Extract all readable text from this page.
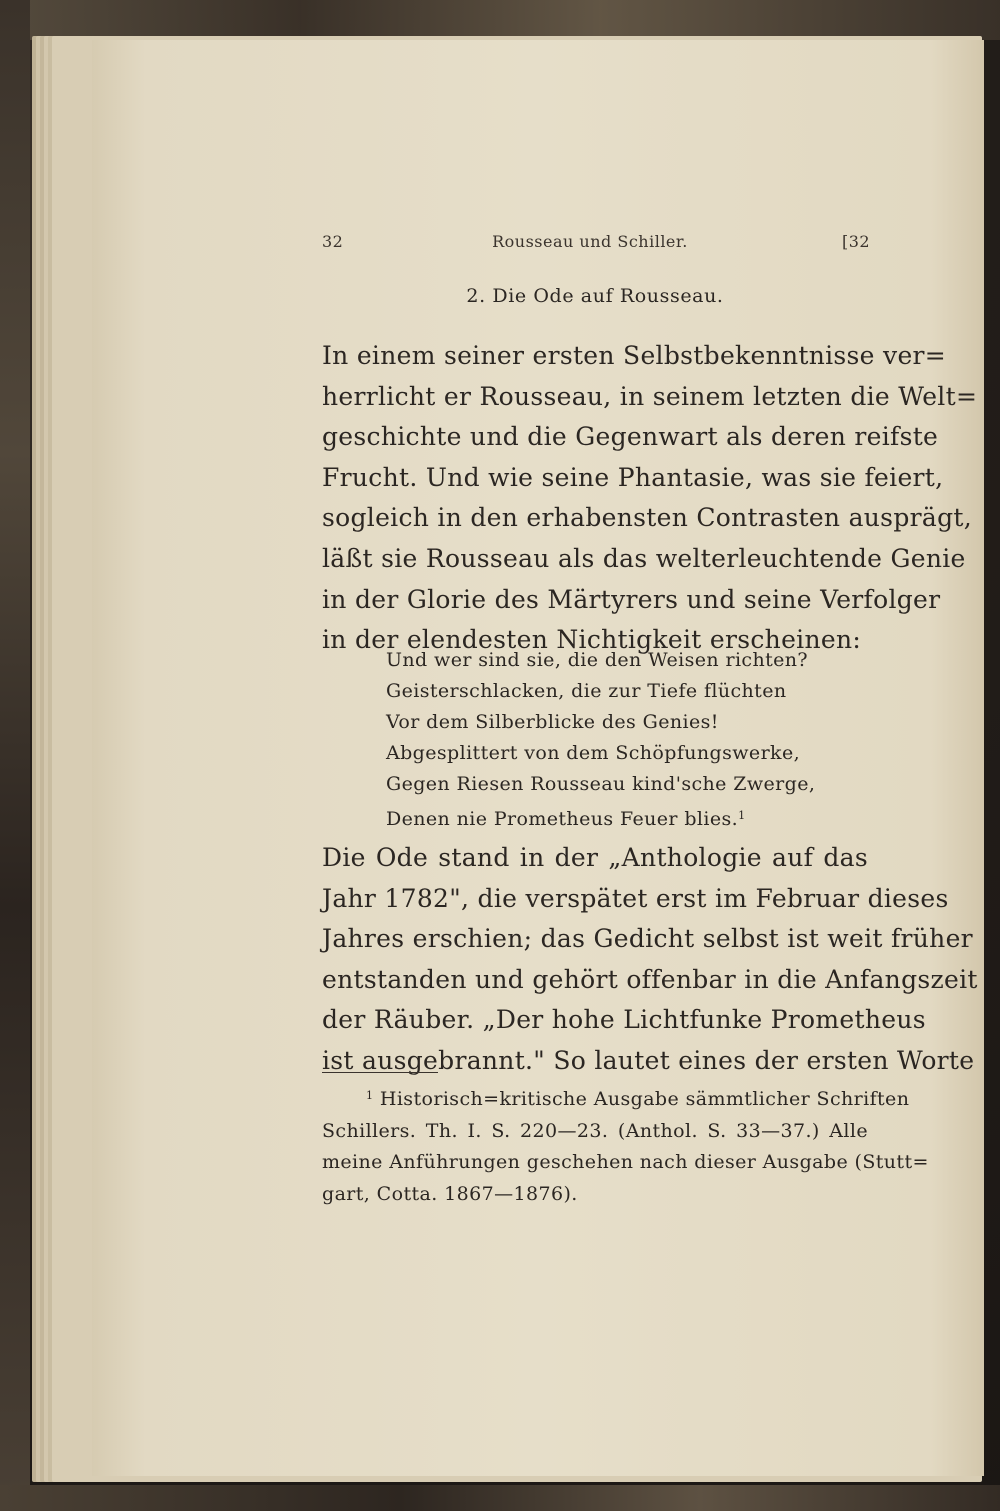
32	Rousseau und Schiller.	[32
2. Die Ode auf Rousseau.

In einem seiner ersten Selbstbekenntnisse ver=
herrlicht er Rousseau, in seinem letzten die Welt=
geschichte und die Gegenwart als deren reifste
Frucht. Und wie seine Phantasie, was sie feiert,
sogleich in den erhabensten Contrasten ausprägt,
läßt sie Rousseau als das welterleuchtende Genie
in der Glorie des Märtyrers und seine Verfolger
in der elendesten Nichtigkeit erscheinen:

Und wer sind sie, die den Weisen richten?
Geisterschlacken, die zur Tiefe flüchten
Vor dem Silberblicke des Genies!
Abgesplittert von dem Schöpfungswerke,
Gegen Riesen Rousseau kind'sche Zwerge,
Denen nie Prometheus Feuer blies.$^1$

Die Ode stand in der „Anthologie auf das
Jahr 1782", die verspätet erst im Februar dieses
Jahres erschien; das Gedicht selbst ist weit früher
entstanden und gehört offenbar in die Anfangszeit
der Räuber. „Der hohe Lichtfunke Prometheus
ist ausgebrannt." So lautet eines der ersten Worte

$^1$ Historisch=kritische Ausgabe sämmtlicher Schriften
Schillers. Th. I. S. 220—23. (Anthol. S. 33—37.) Alle
meine Anführungen geschehen nach dieser Ausgabe (Stutt=
gart, Cotta. 1867—1876).
